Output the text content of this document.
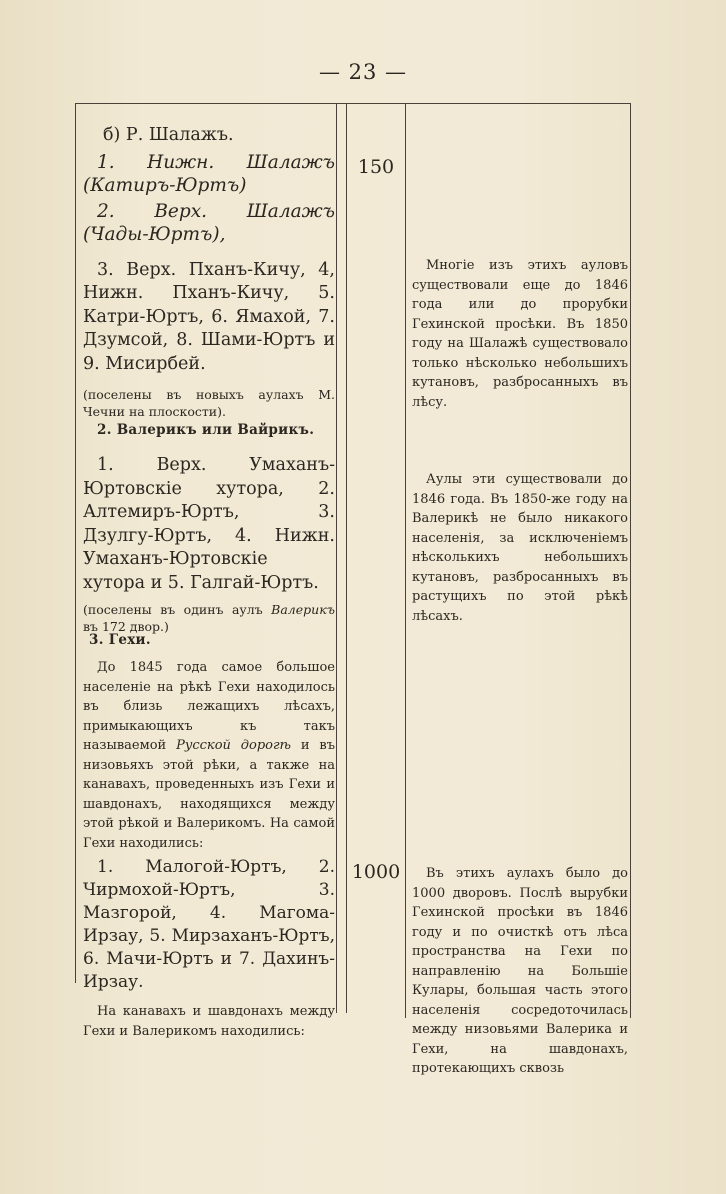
— 23 —

б) Р. Шалажъ.

1. Нижн. Шалажъ (Катиръ-Юртъ)

2. Верх. Шалажъ (Чады-Юртъ),

3. Верх. Пханъ-Кичу, 4, Нижн. Пханъ-Кичу, 5. Катри-Юртъ, 6. Ямахой, 7. Дзумсой, 8. Шами-Юртъ и 9. Мисирбей.

(поселены въ новыхъ аулахъ М. Чечни на плоскости).

150

Многіе изъ этихъ ауловъ существовали еще до 1846 года или до прорубки Гехинской просѣки. Въ 1850 году на Шалажѣ существовало только нѣсколько небольшихъ кутановъ, разбросанныхъ въ лѣсу.

2. Валерикъ или Вайрикъ.

1. Верх. Умаханъ-Юртовскіе хутора, 2. Алтемиръ-Юртъ, 3. Дзулгу-Юртъ, 4. Нижн. Умаханъ-Юртовскіе хутора и 5. Галгай-Юртъ.

(поселены въ одинъ аулъ Валерикъ въ 172 двор.)

Аулы эти существовали до 1846 года. Въ 1850-же году на Валерикѣ не было никакого населенія, за исключеніемъ нѣсколькихъ небольшихъ кутановъ, разбросанныхъ въ растущихъ по этой рѣкѣ лѣсахъ.

3. Гехи.

До 1845 года самое большое населеніе на рѣкѣ Гехи находилось въ близь лежащихъ лѣсахъ, примыкающихъ къ такъ называемой Русской дорогѣ и въ низовьяхъ этой рѣки, а также на канавахъ, проведенныхъ изъ Гехи и шавдонахъ, находящихся между этой рѣкой и Валерикомъ. На самой Гехи находились:

1. Малогой-Юртъ, 2. Чирмохой-Юртъ, 3. Мазгорой, 4. Магома-Ирзау, 5. Мирзаханъ-Юртъ, 6. Мачи-Юртъ и 7. Дахинъ-Ирзау.

На канавахъ и шавдонахъ между Гехи и Валерикомъ находились:

1000	Въ этихъ аулахъ было до 1000 дворовъ. Послѣ вырубки Гехинской просѣки въ 1846 году и по очисткѣ отъ лѣса пространства на Гехи по направленію на Большіе Кулары, большая часть этого населенія сосредоточилась между низовьями Валерика и Гехи, на шавдонахъ, протекающихъ сквозь
